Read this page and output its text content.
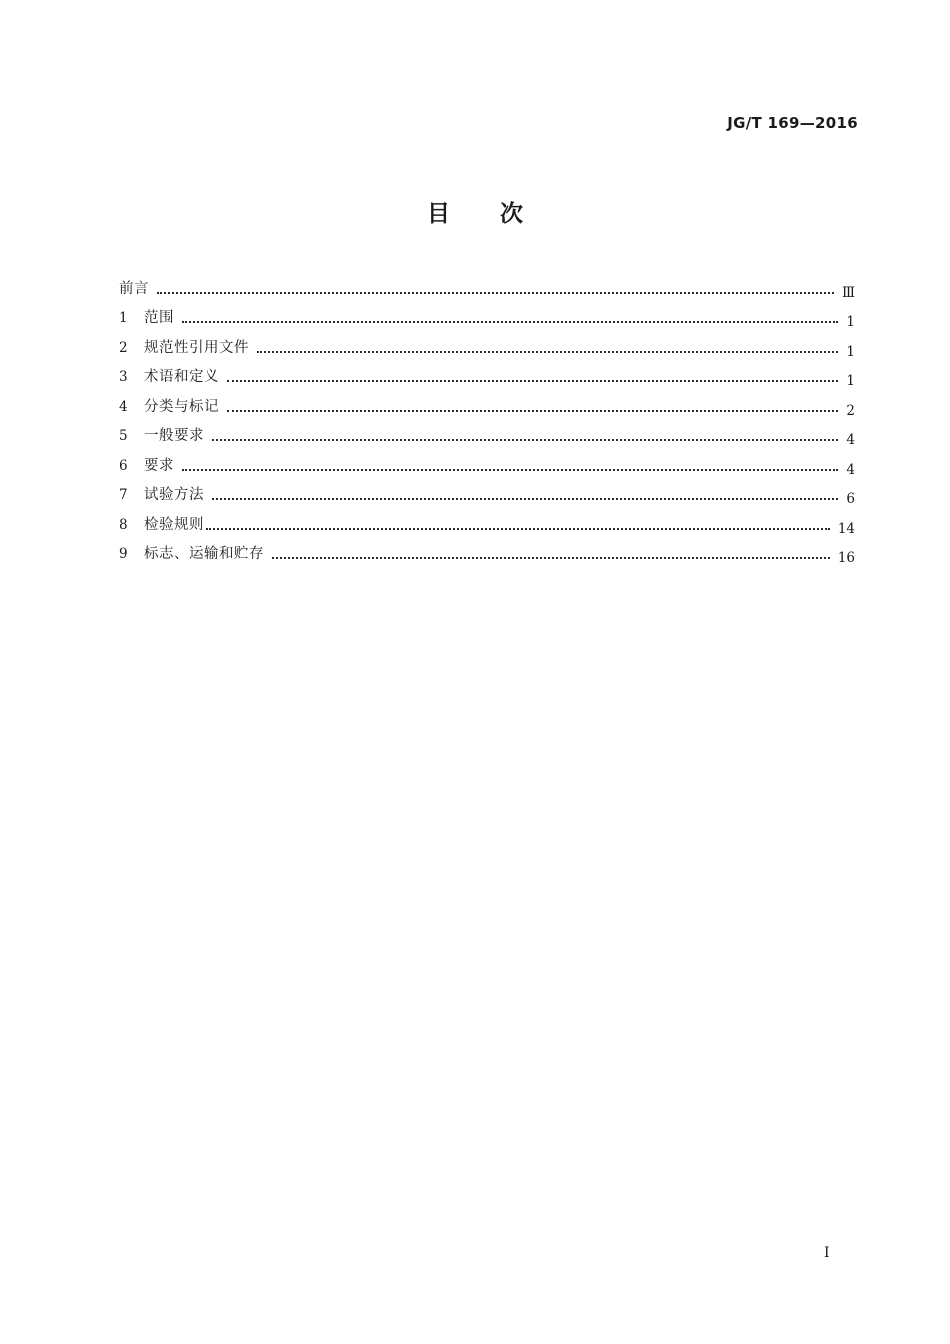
JG/T 169—2016
目次
前言	Ⅲ
1	范围	1
2	规范性引用文件	1
3	术语和定义	1
4	分类与标记	2
5	一般要求	4
6	要求	4
7	试验方法	6
8	检验规则	14
9	标志、运输和贮存	16
I
